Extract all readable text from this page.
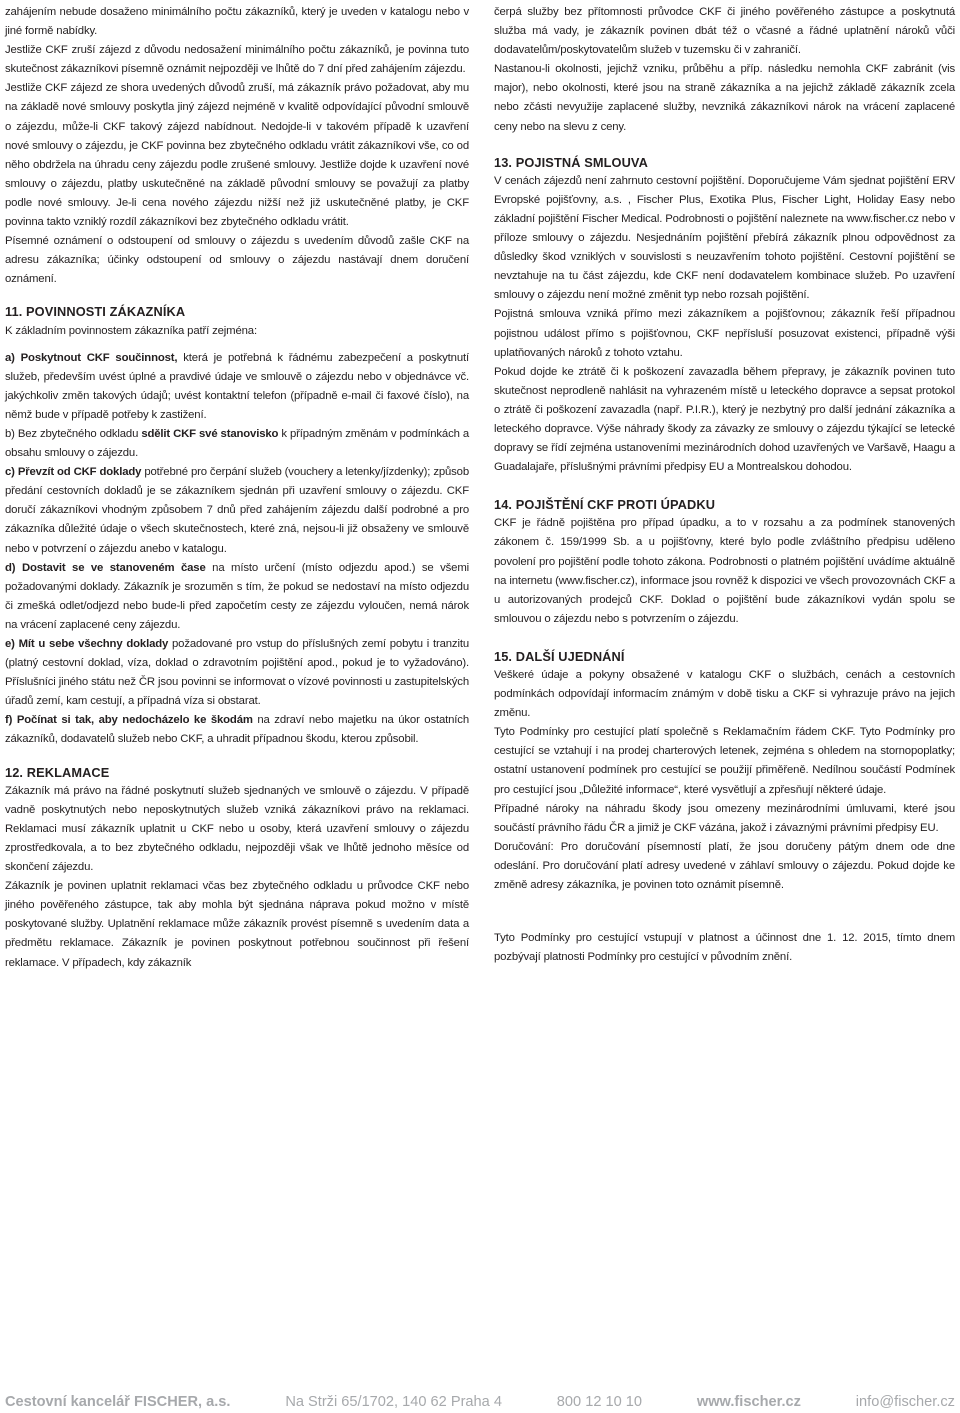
zahájením nebude dosaženo minimálního počtu zákazníků, který je uveden v katalogu nebo v jiné formě nabídky.

Jestliže CKF zruší zájezd z důvodu nedosažení minimálního počtu zákazníků, je povinna tuto skutečnost zákazníkovi písemně oznámit nejpozději ve lhůtě do 7 dní před zahájením zájezdu.

Jestliže CKF zájezd ze shora uvedených důvodů zruší, má zákazník právo požadovat, aby mu na základě nové smlouvy poskytla jiný zájezd nejméně v kvalitě odpovídající původní smlouvě o zájezdu, může-li CKF takový zájezd nabídnout. Nedojde-li v takovém případě k uzavření nové smlouvy o zájezdu, je CKF povinna bez zbytečného odkladu vrátit zákazníkovi vše, co od něho obdržela na úhradu ceny zájezdu podle zrušené smlouvy. Jestliže dojde k uzavření nové smlouvy o zájezdu, platby uskutečněné na základě původní smlouvy se považují za platby podle nové smlouvy. Je-li cena nového zájezdu nižší než již uskutečněné platby, je CKF povinna takto vzniklý rozdíl zákazníkovi bez zbytečného odkladu vrátit.

Písemné oznámení o odstoupení od smlouvy o zájezdu s uvedením důvodů zašle CKF na adresu zákazníka; účinky odstoupení od smlouvy o zájezdu nastávají dnem doručení oznámení.

11. POVINNOSTI ZÁKAZNÍKA

K základním povinnostem zákazníka patří zejména:

a) Poskytnout CKF součinnost, která je potřebná k řádnému zabezpečení a poskytnutí služeb, především uvést úplné a pravdivé údaje ve smlouvě o zájezdu nebo v objednávce vč. jakýchkoliv změn takových údajů; uvést kontaktní telefon (případně e-mail či faxové číslo), na němž bude v případě potřeby k zastižení.

b) Bez zbytečného odkladu sdělit CKF své stanovisko k případným změnám v podmínkách a obsahu smlouvy o zájezdu.

c) Převzít od CKF doklady potřebné pro čerpání služeb (vouchery a letenky/jízdenky); způsob předání cestovních dokladů je se zákazníkem sjednán při uzavření smlouvy o zájezdu. CKF doručí zákazníkovi vhodným způsobem 7 dnů před zahájením zájezdu další podrobné a pro zákazníka důležité údaje o všech skutečnostech, které zná, nejsou-li již obsaženy ve smlouvě nebo v potvrzení o zájezdu anebo v katalogu.

d) Dostavit se ve stanoveném čase na místo určení (místo odjezdu apod.) se všemi požadovanými doklady. Zákazník je srozuměn s tím, že pokud se nedostaví na místo odjezdu či zmešká odlet/odjezd nebo bude-li před započetím cesty ze zájezdu vyloučen, nemá nárok na vrácení zaplacené ceny zájezdu.

e) Mít u sebe všechny doklady požadované pro vstup do příslušných zemí pobytu i tranzitu (platný cestovní doklad, víza, doklad o zdravotním pojištění apod., pokud je to vyžadováno). Příslušníci jiného státu než ČR jsou povinni se informovat o vízové povinnosti u zastupitelských úřadů zemí, kam cestují, a případná víza si obstarat.

f) Počínat si tak, aby nedocházelo ke škodám na zdraví nebo majetku na úkor ostatních zákazníků, dodavatelů služeb nebo CKF, a uhradit případnou škodu, kterou způsobil.

12. REKLAMACE

Zákazník má právo na řádné poskytnutí služeb sjednaných ve smlouvě o zájezdu. V případě vadně poskytnutých nebo neposkytnutých služeb vzniká zákazníkovi právo na reklamaci. Reklamaci musí zákazník uplatnit u CKF nebo u osoby, která uzavření smlouvy o zájezdu zprostředkovala, a to bez zbytečného odkladu, nejpozději však ve lhůtě jednoho měsíce od skončení zájezdu.

Zákazník je povinen uplatnit reklamaci včas bez zbytečného odkladu u průvodce CKF nebo jiného pověřeného zástupce, tak aby mohla být sjednána náprava pokud možno v místě poskytované služby. Uplatnění reklamace může zákazník provést písemně s uvedením data a předmětu reklamace. Zákazník je povinen poskytnout potřebnou součinnost při řešení reklamace. V případech, kdy zákazník

čerpá služby bez přítomnosti průvodce CKF či jiného pověřeného zástupce a poskytnutá služba má vady, je zákazník povinen dbát též o včasné a řádné uplatnění nároků vůči dodavatelům/poskytovatelům služeb v tuzemsku či v zahraničí.

Nastanou-li okolnosti, jejichž vzniku, průběhu a příp. následku nemohla CKF zabránit (vis major), nebo okolnosti, které jsou na straně zákazníka a na jejichž základě zákazník zcela nebo zčásti nevyužije zaplacené služby, nevzniká zákazníkovi nárok na vrácení zaplacené ceny nebo na slevu z ceny.

13. POJISTNÁ SMLOUVA

V cenách zájezdů není zahrnuto cestovní pojištění. Doporučujeme Vám sjednat pojištění ERV Evropské pojišťovny, a.s. , Fischer Plus, Exotika Plus, Fischer Light, Holiday Easy nebo základní pojištění Fischer Medical. Podrobnosti o pojištění naleznete na www.fischer.cz nebo v příloze smlouvy o zájezdu. Nesjednáním pojištění přebírá zákazník plnou odpovědnost za důsledky škod vzniklých v souvislosti s neuzavřením tohoto pojištění. Cestovní pojištění se nevztahuje na tu část zájezdu, kde CKF není dodavatelem kombinace služeb. Po uzavření smlouvy o zájezdu není možné změnit typ nebo rozsah pojištění.

Pojistná smlouva vzniká přímo mezi zákazníkem a pojišťovnou; zákazník řeší případnou pojistnou událost přímo s pojišťovnou, CKF nepřísluší posuzovat existenci, případně výši uplatňovaných nároků z tohoto vztahu.

Pokud dojde ke ztrátě či k poškození zavazadla během přepravy, je zákazník povinen tuto skutečnost neprodleně nahlásit na vyhrazeném místě u leteckého dopravce a sepsat protokol o ztrátě či poškození zavazadla (např. P.I.R.), který je nezbytný pro další jednání zákazníka a leteckého dopravce. Výše náhrady škody za závazky ze smlouvy o zájezdu týkající se letecké dopravy se řídí zejména ustanoveními mezinárodních dohod uzavřených ve Varšavě, Haagu a Guadalajaře, příslušnými právními předpisy EU a Montrealskou dohodou.

14. POJIŠTĚNÍ CKF PROTI ÚPADKU

CKF je řádně pojištěna pro případ úpadku, a to v rozsahu a za podmínek stanovených zákonem č. 159/1999 Sb. a u pojišťovny, které bylo podle zvláštního předpisu uděleno povolení pro pojištění podle tohoto zákona. Podrobnosti o platném pojištění uvádíme aktuálně na internetu (www.fischer.cz), informace jsou rovněž k dispozici ve všech provozovnách CKF a u autorizovaných prodejců CKF. Doklad o pojištění bude zákazníkovi vydán spolu se smlouvou o zájezdu nebo s potvrzením o zájezdu.

15. DALŠÍ UJEDNÁNÍ

Veškeré údaje a pokyny obsažené v katalogu CKF o službách, cenách a cestovních podmínkách odpovídají informacím známým v době tisku a CKF si vyhrazuje právo na jejich změnu.

Tyto Podmínky pro cestující platí společně s Reklamačním řádem CKF. Tyto Podmínky pro cestující se vztahují i na prodej charterových letenek, zejména s ohledem na stornopoplatky; ostatní ustanovení podmínek pro cestující se použijí přiměřeně. Nedílnou součástí Podmínek pro cestující jsou „Důležité informace“, které vysvětlují a zpřesňují některé údaje.

Případné nároky na náhradu škody jsou omezeny mezinárodními úmluvami, které jsou součástí právního řádu ČR a jimiž je CKF vázána, jakož i závaznými právními předpisy EU.

Doručování: Pro doručování písemností platí, že jsou doručeny pátým dnem ode dne odeslání. Pro doručování platí adresy uvedené v záhlaví smlouvy o zájezdu. Pokud dojde ke změně adresy zákazníka, je povinen toto oznámit písemně.

Tyto Podmínky pro cestující vstupují v platnost a účinnost dne 1. 12. 2015, tímto dnem pozbývají platnosti Podmínky pro cestující v původním znění.

Cestovní kancelář FISCHER, a.s.	Na Strži 65/1702, 140 62 Praha 4	800 12 10 10	www.fischer.cz	info@fischer.cz
